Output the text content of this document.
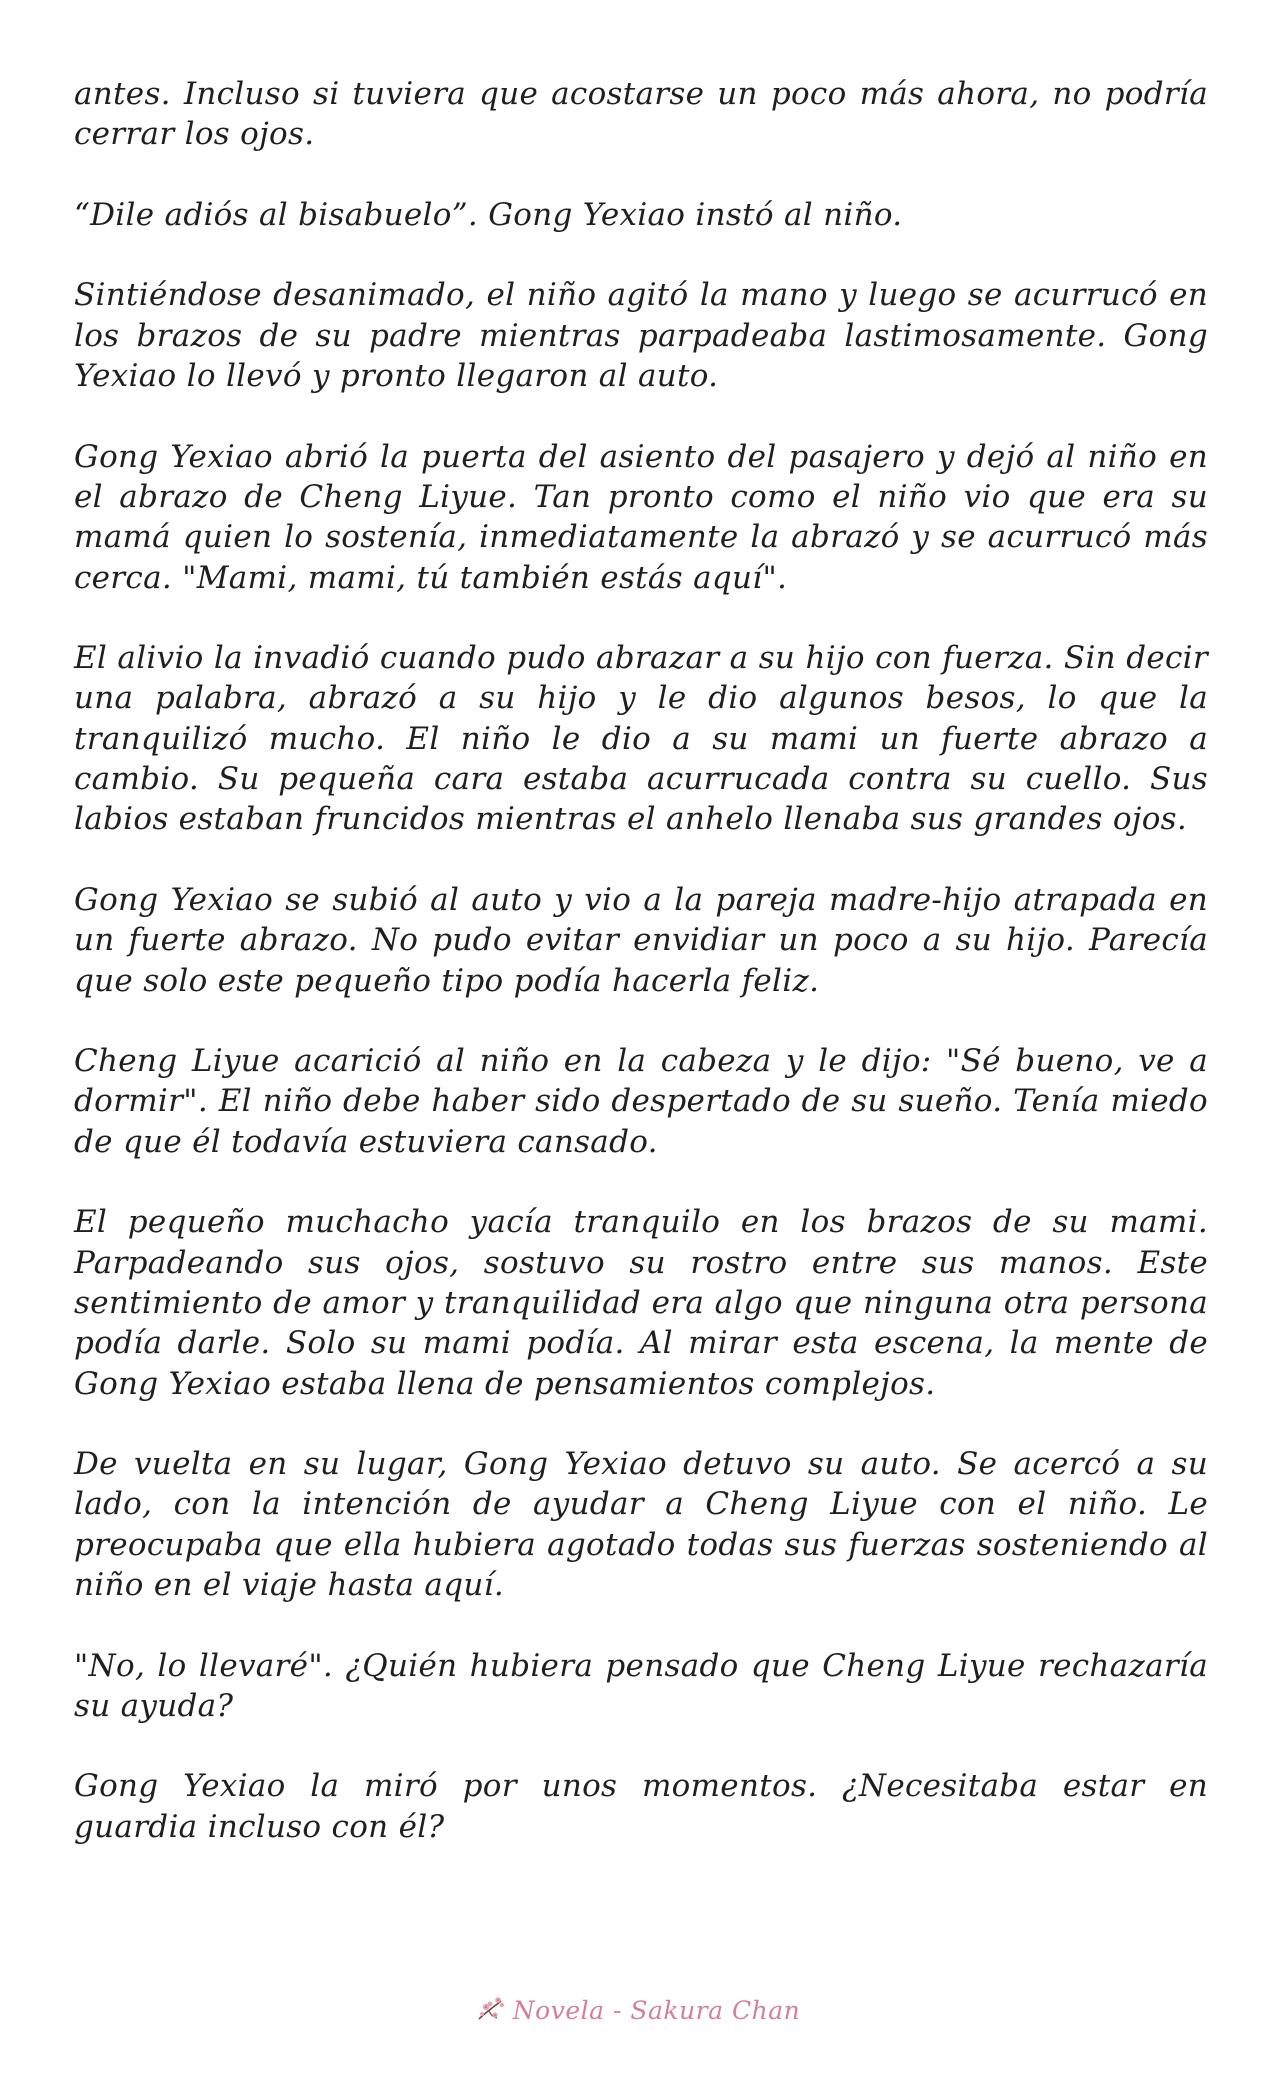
antes. Incluso si tuviera que acostarse un poco más ahora, no podría cerrar los ojos.

“Dile adiós al bisabuelo”. Gong Yexiao instó al niño.

Sintiéndose desanimado, el niño agitó la mano y luego se acurrucó en los brazos de su padre mientras parpadeaba lastimosamente. Gong Yexiao lo llevó y pronto llegaron al auto.

Gong Yexiao abrió la puerta del asiento del pasajero y dejó al niño en el abrazo de Cheng Liyue. Tan pronto como el niño vio que era su mamá quien lo sostenía, inmediatamente la abrazó y se acurrucó más cerca. "Mami, mami, tú también estás aquí".

El alivio la invadió cuando pudo abrazar a su hijo con fuerza. Sin decir una palabra, abrazó a su hijo y le dio algunos besos, lo que la tranquilizó mucho. El niño le dio a su mami un fuerte abrazo a cambio. Su pequeña cara estaba acurrucada contra su cuello. Sus labios estaban fruncidos mientras el anhelo llenaba sus grandes ojos.

Gong Yexiao se subió al auto y vio a la pareja madre-hijo atrapada en un fuerte abrazo. No pudo evitar envidiar un poco a su hijo. Parecía que solo este pequeño tipo podía hacerla feliz.

Cheng Liyue acarició al niño en la cabeza y le dijo: "Sé bueno, ve a dormir". El niño debe haber sido despertado de su sueño. Tenía miedo de que él todavía estuviera cansado.

El pequeño muchacho yacía tranquilo en los brazos de su mami. Parpadeando sus ojos, sostuvo su rostro entre sus manos. Este sentimiento de amor y tranquilidad era algo que ninguna otra persona podía darle. Solo su mami podía. Al mirar esta escena, la mente de Gong Yexiao estaba llena de pensamientos complejos.

De vuelta en su lugar, Gong Yexiao detuvo su auto. Se acercó a su lado, con la intención de ayudar a Cheng Liyue con el niño. Le preocupaba que ella hubiera agotado todas sus fuerzas sosteniendo al niño en el viaje hasta aquí.

"No, lo llevaré". ¿Quién hubiera pensado que Cheng Liyue rechazaría su ayuda?

Gong Yexiao la miró por unos momentos. ¿Necesitaba estar en guardia incluso con él?

Novela - Sakura Chan
